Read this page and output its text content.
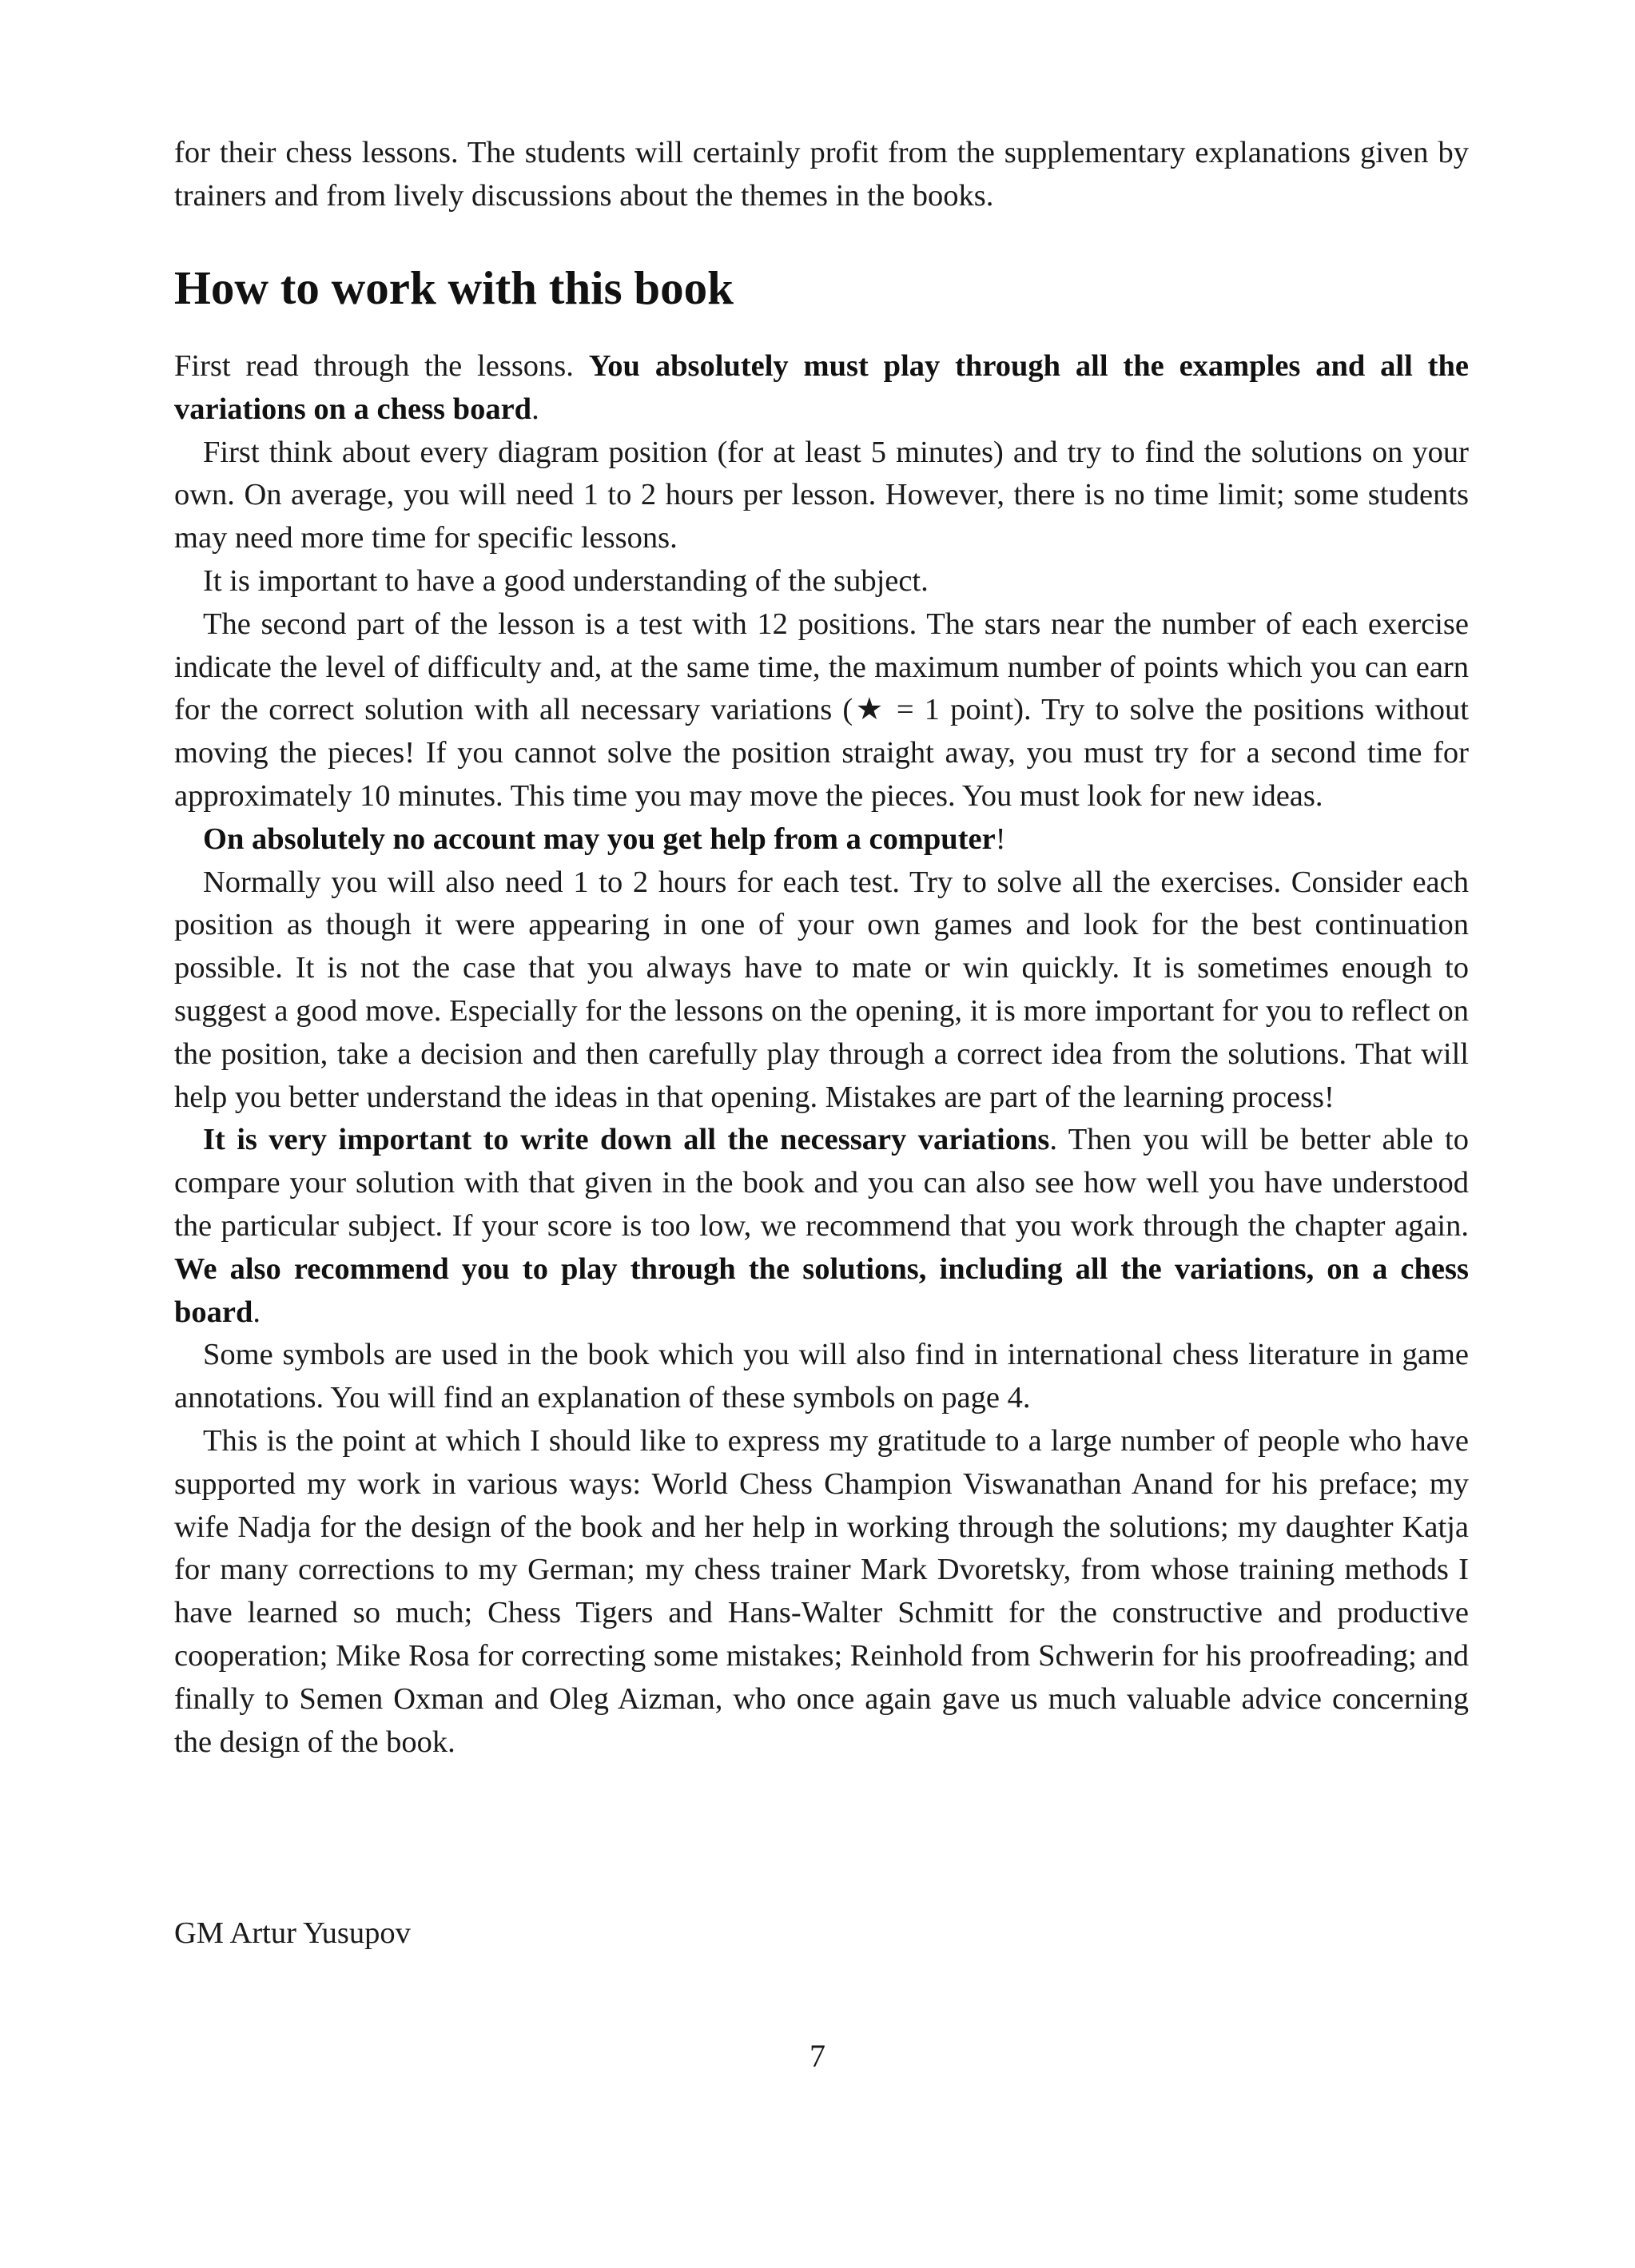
for their chess lessons. The students will certainly profit from the supplementary explanations given by trainers and from lively discussions about the themes in the books.

How to work with this book

First read through the lessons. You absolutely must play through all the examples and all the variations on a chess board.

First think about every diagram position (for at least 5 minutes) and try to find the solutions on your own. On average, you will need 1 to 2 hours per lesson. However, there is no time limit; some students may need more time for specific lessons.

It is important to have a good understanding of the subject.

The second part of the lesson is a test with 12 positions. The stars near the number of each exercise indicate the level of difficulty and, at the same time, the maximum number of points which you can earn for the correct solution with all necessary variations (★ = 1 point). Try to solve the positions without moving the pieces! If you cannot solve the position straight away, you must try for a second time for approximately 10 minutes. This time you may move the pieces. You must look for new ideas.

On absolutely no account may you get help from a computer!

Normally you will also need 1 to 2 hours for each test. Try to solve all the exercises. Consider each position as though it were appearing in one of your own games and look for the best continuation possible. It is not the case that you always have to mate or win quickly. It is sometimes enough to suggest a good move. Especially for the lessons on the opening, it is more important for you to reflect on the position, take a decision and then carefully play through a correct idea from the solutions. That will help you better understand the ideas in that opening. Mistakes are part of the learning process!

It is very important to write down all the necessary variations. Then you will be better able to compare your solution with that given in the book and you can also see how well you have understood the particular subject. If your score is too low, we recommend that you work through the chapter again. We also recommend you to play through the solutions, including all the variations, on a chess board.

Some symbols are used in the book which you will also find in international chess literature in game annotations. You will find an explanation of these symbols on page 4.

This is the point at which I should like to express my gratitude to a large number of people who have supported my work in various ways: World Chess Champion Viswanathan Anand for his preface; my wife Nadja for the design of the book and her help in working through the solutions; my daughter Katja for many corrections to my German; my chess trainer Mark Dvoretsky, from whose training methods I have learned so much; Chess Tigers and Hans-Walter Schmitt for the constructive and productive cooperation; Mike Rosa for correcting some mistakes; Reinhold from Schwerin for his proofreading; and finally to Semen Oxman and Oleg Aizman, who once again gave us much valuable advice concerning the design of the book.

GM Artur Yusupov
7
